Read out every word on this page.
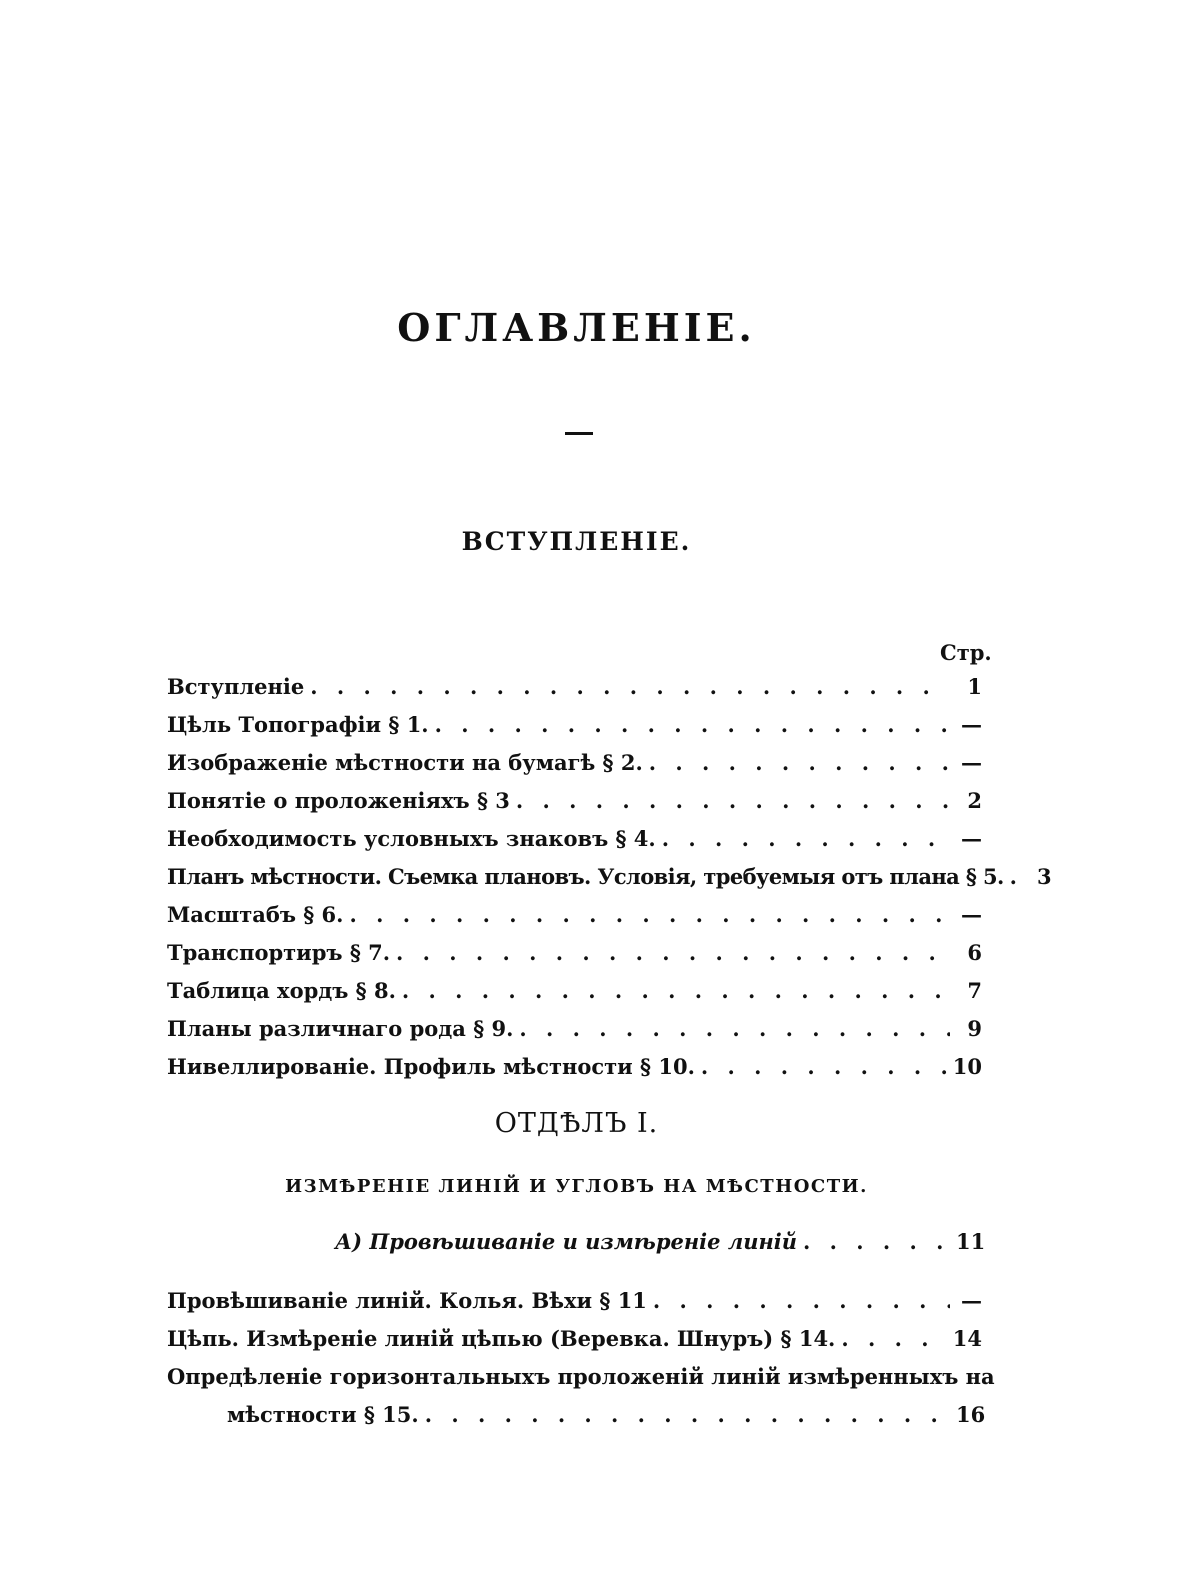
ОГЛАВЛЕНІЕ.
ВСТУПЛЕНІЕ.
Стр.
Вступленіе . . .	1
Цѣль Топографіи § 1. . . .	—
Изображеніе мѣстности на бумагѣ § 2. . . .	—
Понятіе о проложеніяхъ § 3 . . .	2
Необходимость условныхъ знаковъ § 4. . . .	—
Планъ мѣстности. Съемка плановъ. Условія, требуемыя отъ плана § 5. . . .	3
Масштабъ § 6. . . .	—
Транспортиръ § 7. . . .	6
Таблица хордъ § 8. . . .	7
Планы различнаго рода § 9. . . .	9
Нивеллированіе. Профиль мѣстности § 10. . . .	10
ОТДѢЛЪ I.
ИЗМѢРЕНІЕ ЛИНІЙ И УГЛОВЪ НА МѢСТНОСТИ.
А) Провѣшиваніе и измѣреніе линій . . .	11
Провѣшиваніе линій. Колья. Вѣхи § 11 . . .	—
Цѣпь. Измѣреніе линій цѣпью (Веревка. Шнуръ) § 14. . . .	14
Опредѣленіе горизонтальныхъ проложеній линій измѣренныхъ на
мѣстности § 15. . . .	16
